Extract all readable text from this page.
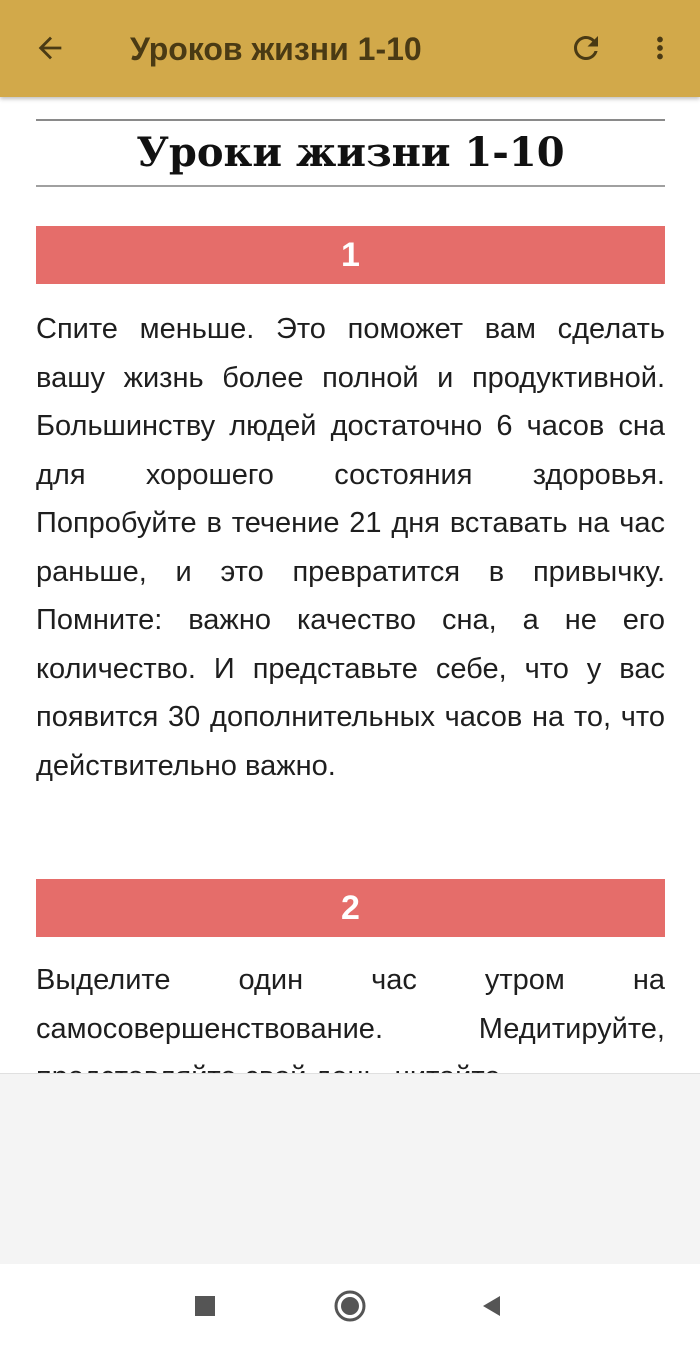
Уроков жизни 1-10
Уроки жизни 1-10
1

Спите меньше. Это поможет вам сделать вашу жизнь более полной и продуктивной. Большинству людей достаточно 6 часов сна для хорошего состояния здоровья. Попробуйте в течение 21 дня вставать на час раньше, и это превратится в привычку. Помните: важно качество сна, а не его количество. И представьте себе, что у вас появится 30 дополнительных часов на то, что действительно важно.

2

Выделите один час утром на самосовершенствование. Медитируйте,
